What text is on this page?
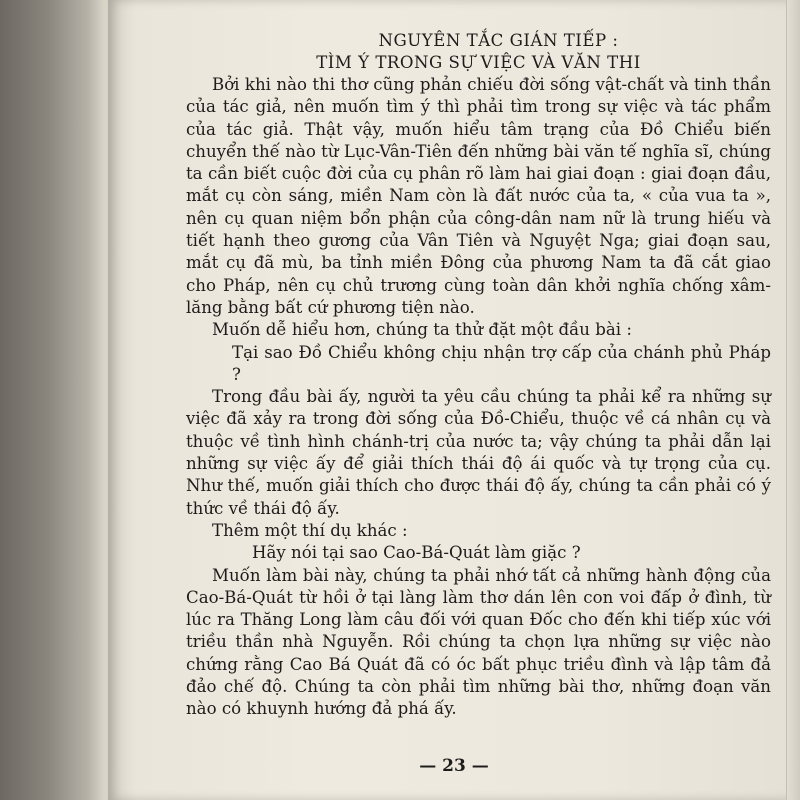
NGUYÊN TẮC GIÁN TIẾP :
TÌM Ý TRONG SỰ VIỆC VÀ VĂN THI

Bởi khi nào thi thơ cũng phản chiếu đời sống vật-chất và tinh thần của tác giả, nên muốn tìm ý thì phải tìm trong sự việc và tác phẩm của tác giả. Thật vậy, muốn hiểu tâm trạng của Đồ Chiểu biến chuyển thế nào từ Lục-Vân-Tiên đến những bài văn tế nghĩa sĩ, chúng ta cần biết cuộc đời của cụ phân rõ làm hai giai đoạn : giai đoạn đầu, mắt cụ còn sáng, miền Nam còn là đất nước của ta, « của vua ta », nên cụ quan niệm bổn phận của công-dân nam nữ là trung hiếu và tiết hạnh theo gương của Vân Tiên và Nguyệt Nga; giai đoạn sau, mắt cụ đã mù, ba tỉnh miền Đông của phương Nam ta đã cắt giao cho Pháp, nên cụ chủ trương cùng toàn dân khởi nghĩa chống xâm-lăng bằng bất cứ phương tiện nào.

Muốn dễ hiểu hơn, chúng ta thử đặt một đầu bài :

Tại sao Đồ Chiểu không chịu nhận trợ cấp của chánh phủ Pháp ?

Trong đầu bài ấy, người ta yêu cầu chúng ta phải kể ra những sự việc đã xảy ra trong đời sống của Đồ-Chiểu, thuộc về cá nhân cụ và thuộc về tình hình chánh-trị của nước ta; vậy chúng ta phải dẫn lại những sự việc ấy để giải thích thái độ ái quốc và tự trọng của cụ. Như thế, muốn giải thích cho được thái độ ấy, chúng ta cần phải có ý thức về thái độ ấy.

Thêm một thí dụ khác :

Hãy nói tại sao Cao-Bá-Quát làm giặc ?

Muốn làm bài này, chúng ta phải nhớ tất cả những hành động của Cao-Bá-Quát từ hồi ở tại làng làm thơ dán lên con voi đấp ở đình, từ lúc ra Thăng Long làm câu đối với quan Đốc cho đến khi tiếp xúc với triều thần nhà Nguyễn. Rồi chúng ta chọn lựa những sự việc nào chứng rằng Cao Bá Quát đã có óc bất phục triều đình và lập tâm đả đảo chế độ. Chúng ta còn phải tìm những bài thơ, những đoạn văn nào có khuynh hướng đả phá ấy.

— 23 —
